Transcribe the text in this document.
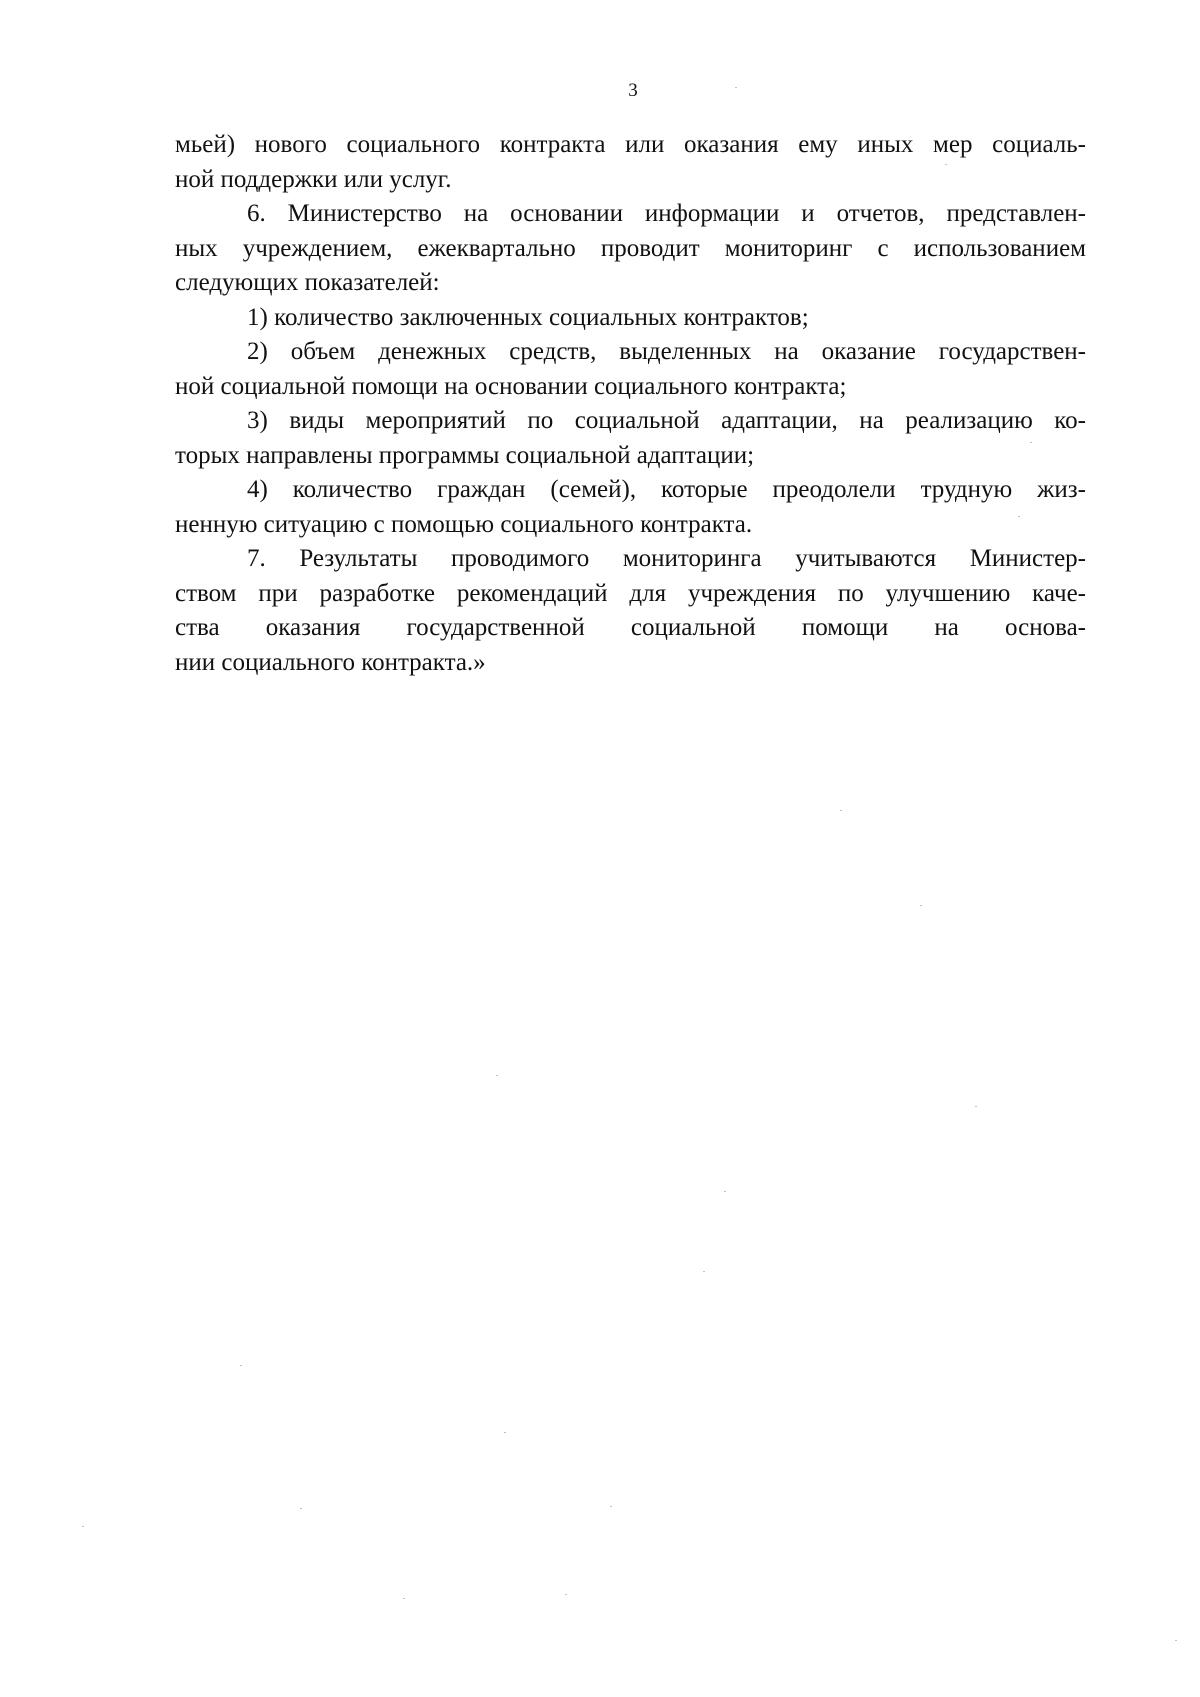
3
мьей) нового социального контракта или оказания ему иных мер социаль-
ной поддержки или услуг.
6. Министерство на основании информации и отчетов, представлен-
ных учреждением, ежеквартально проводит мониторинг с использованием
следующих показателей:
1) количество заключенных социальных контрактов;
2) объем денежных средств, выделенных на оказание государствен-
ной социальной помощи на основании социального контракта;
3) виды мероприятий по социальной адаптации, на реализацию ко-
торых направлены программы социальной адаптации;
4) количество граждан (семей), которые преодолели трудную жиз-
ненную ситуацию с помощью социального контракта.
7. Результаты проводимого мониторинга учитываются Министер-
ством при разработке рекомендаций для учреждения по улучшению каче-
ства оказания государственной социальной помощи на основа-
нии социального контракта.»
